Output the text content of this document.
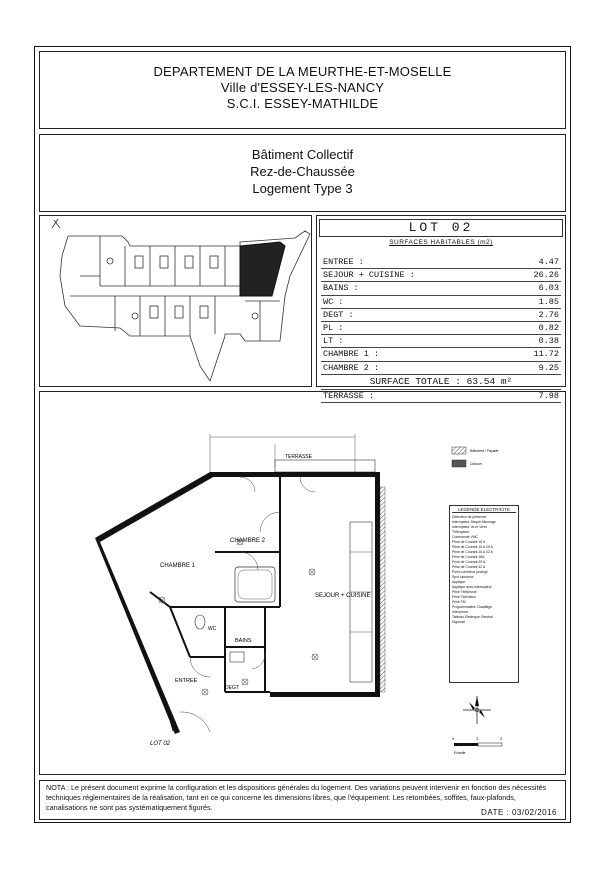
DEPARTEMENT DE LA MEURTHE-ET-MOSELLE
Ville d'ESSEY-LES-NANCY
S.C.I. ESSEY-MATHILDE
Bâtiment Collectif
Rez-de-Chaussée
Logement Type 3
LOT 02
SURFACES HABITABLES (m2)
ENTREE :	4.47
SEJOUR + CUISINE :	26.26
BAINS :	6.03
WC :	1.85
DEGT :	2.76
PL :	0.82
LT :	0.38
CHAMBRE 1 :	11.72
CHAMBRE 2 :	9.25
SURFACE TOTALE : 63.54 m²
TERRASSE :	7.98
TERRASSE
CHAMBRE 1
CHAMBRE 2
SEJOUR + CUISINE
BAINS
WC
ENTREE
DEGT
LOT 02
Bâtiment / Façade
Cloison
0	1	2
Echelle
LEGENDE ELECTRICITE
Détecteur de présence
Interrupteur Simple Allumage
Interrupteur Va et Vient
Télérupteur
Commande VMC
Prise de Courant 16 A
Prise de Courant 16 A 20 A
Prise de Courant 16 A 32 A
Prise de Courant 16A
Prise de Courant 20 A
Prise de Courant 32 A
Point Lumineux protégé
Spot lumineux
Applique
Applique avec interrupteur
Prise Téléphone
Prise Télévision
Prise FM
Programmateur Chauffage
Interphone
Tableau Electrique Général
Digicode
NOTA : Le présent document exprime la configuration et les dispositions générales du logement. Des variations peuvent intervenir en fonction des nécessités techniques réglementaires de la réalisation, tant en ce qui concerne les dimensions libres, que l'équipement. Les retombées, soffites, faux-plafonds, canalisations ne sont pas systématiquement figurés.
DATE : 03/02/2016
